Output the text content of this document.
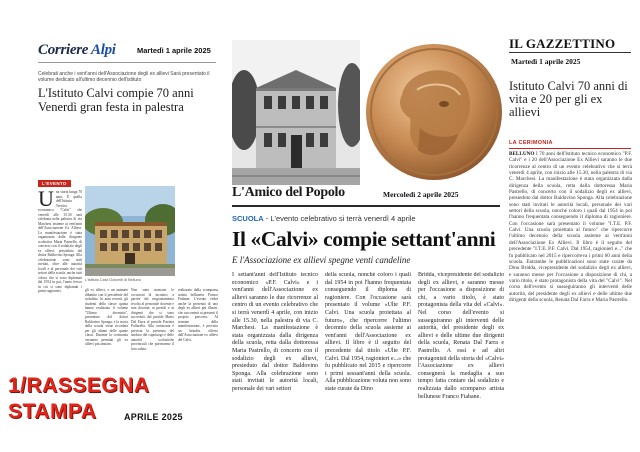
Corriere Alpi	Martedì 1 aprile 2025
Celebrati anche i vent'anni dell'Associazione degli ex allievi Sarà presentato il volume dedicato all'ultimo decennio dell'istituto
L'Istituto Calvi compie 70 anni Venerdì gran festa in palestra
L'EVENTO
Una storia lunga 70 anni. È quella dell'Istituto Tecnico economico "Calvi" che venerdì alle 15.30 sarà celebrata nella palestra di via Marchesi insieme ai vent'anni dell'Associazione Ex Allievi. La manifestazione è stata organizzata dalla dirigente scolastica Maria Pastrello, di concerto con il sodalizio degli ex allievi, presieduto dal dottor Baldovino Sponga. Alla celebrazione sono stati invitati, oltre alle autorità locali e al personale dei vari settori della scuola, anche tutti coloro che si sono diplomati dal 1954 in poi, l'anno fresco in cui si sono diplomati i primi ragionieri.
L'istituto Calvi Dolomiti di Belluno
gli ex allievi, e un animato dibattito con il presidente del sodalizio. In anni recenti, gli studenti della classe quinta hanno realizzato il volume "Ultimo decennio", presentato dal dottor Baldovino Sponga, e la storia della scuola viene ricordata per gli alunni delle quinte classi. Durante la cerimonia verranno premiati gli ex allievi più anziani.
Non sono mancate le occasioni di incontro, a partire dal ringraziamento rivolto al personale docente e non docente, ai presidi e ai dirigenti che si sono succeduti, dal preside Mario Dal Farra al preside Patrizia Paffarella. Alla cerimonia è prevista la presenza del sindaco del capoluogo e delle autorità scolastiche provinciali che porteranno il loro saluto.
realizzato dalla scomparsa artista bellunese Franco Fiabane. L'evento vedrà anche la presenza di uno degli ex allievi più illustri, che racconterà ai presenti il proprio percorso. Al termine della manifestazione, è previsto un brindisi offerto dall'Associazione ex allievi del Calvi.
1/RASSEGNA
STAMPA	APRILE 2025
L'Amico del Popolo	Mercoledì 2 aprile 2025
SCUOLA - L'evento celebrativo si terrà venerdì 4 aprile
Il «Calvi» compie settant'anni
E l'Associazione ex allievi spegne venti candeline
I settant'anni dell'Istituto tecnico economico «P.F. Calvi» e i vent'anni dell'Associazione ex allievi saranno le due ricorrenze al centro di un evento celebrativo che si terrà venerdì 4 aprile, con inizio alle 15.30, nella palestra di via C. Marchesi. La manifestazione è stata organizzata dalla dirigenza della scuola, retta dalla dottoressa Maria Pastrello, di concerto con il sodalizio degli ex allievi, presieduto dal dottor Baldovino Sponga. Alla celebrazione sono stati invitati le autorità locali, personale dei vari settori
della scuola, nonché coloro i quali dal 1954 in poi l'hanno frequentata conseguendo il diploma di ragioniere. Con l'occasione sarà presentato il volume «Ulte P.F. Calvi. Una scuola proiettata al futuro», che ripercorre l'ultimo decennio della scuola assieme ai vent'anni dell'Associazione ex allievi. Il libro è il seguito del precedente dal titolo «Ulte P.F. Calvi. Dal 1954, ragionieri e...» che fu pubblicato nel 2015 e ripercorre i primi sessant'anni della scuola. Alla pubblicazione voluta non sono state curate da Dino
Bridda, vicepresidente del sodalizio degli ex allievi, e saranno messe per l'occasione a disposizione di chi, a vario titolo, è stato protagonista della vita del «Calvi». Nel corso dell'evento si susseguiranno gli interventi delle autorità, del presidente degli ex allievi e delle ultime due dirigenti della scuola, Renata Dal Farra e Pastrello. A essi e ad altri protagonisti della storia del «Calvi» l'Associazione ex allievi consegnerà la medaglia a suo tempo fatta coniare dal sodalizio e realizzata dallo scomparso artista bellunese Franco Fiabane.
IL GAZZETTINO
Martedì 1 aprile 2025
Istituto Calvi 70 anni di vita e 20 per gli ex allievi
LA CERIMONIA
BELLUNO I 70 anni dell'Istituto tecnico economico "P.F. Calvi" e i 20 dell'Associazione Ex Allievi saranno le due ricorrenze al centro di un evento celebrativo che si terrà venerdì 4 aprile, con inizio alle 15.30, nella palestra di via C. Marchesi. La manifestazione è stata organizzata dalla dirigenza della scuola, retta dalla dottoressa Maria Pastrello, di concerto con il sodalizio degli ex allievi, presieduto dal dottor Baldovino Sponga. Alla celebrazione sono stati invitati le autorità locali, personale dei vari settori della scuola, nonché coloro i quali dal 1954 in poi l'hanno frequentata conseguendo il diploma di ragioniere. Con l'occasione sarà presentato il volume "I.T.E. P.F. Calvi. Una scuola proiettata al futuro" che ripercorre l'ultimo decennio della scuola assieme ai vent'anni dell'Associazione Ex Allievi. Il libro è il seguito del precedente "I.T.E. P.F. Calvi. Dal 1954, ragionieri e..." che fu pubblicato nel 2015 e ripercorreva i primi 60 anni della scuola. Entrambe le pubblicazioni sono state curate da Dino Bridda, vicepresidente del sodalizio degli ex allievi, e saranno messe per l'occasione a disposizione di chi, a vario titolo, è stato protagonista della vita del "Calvi". Nel corso dell'evento si susseguiranno gli interventi delle autorità, del presidente degli ex allievi e delle ultime due dirigenti della scuola, Renata Dal Farra e Maria Pastrello.
